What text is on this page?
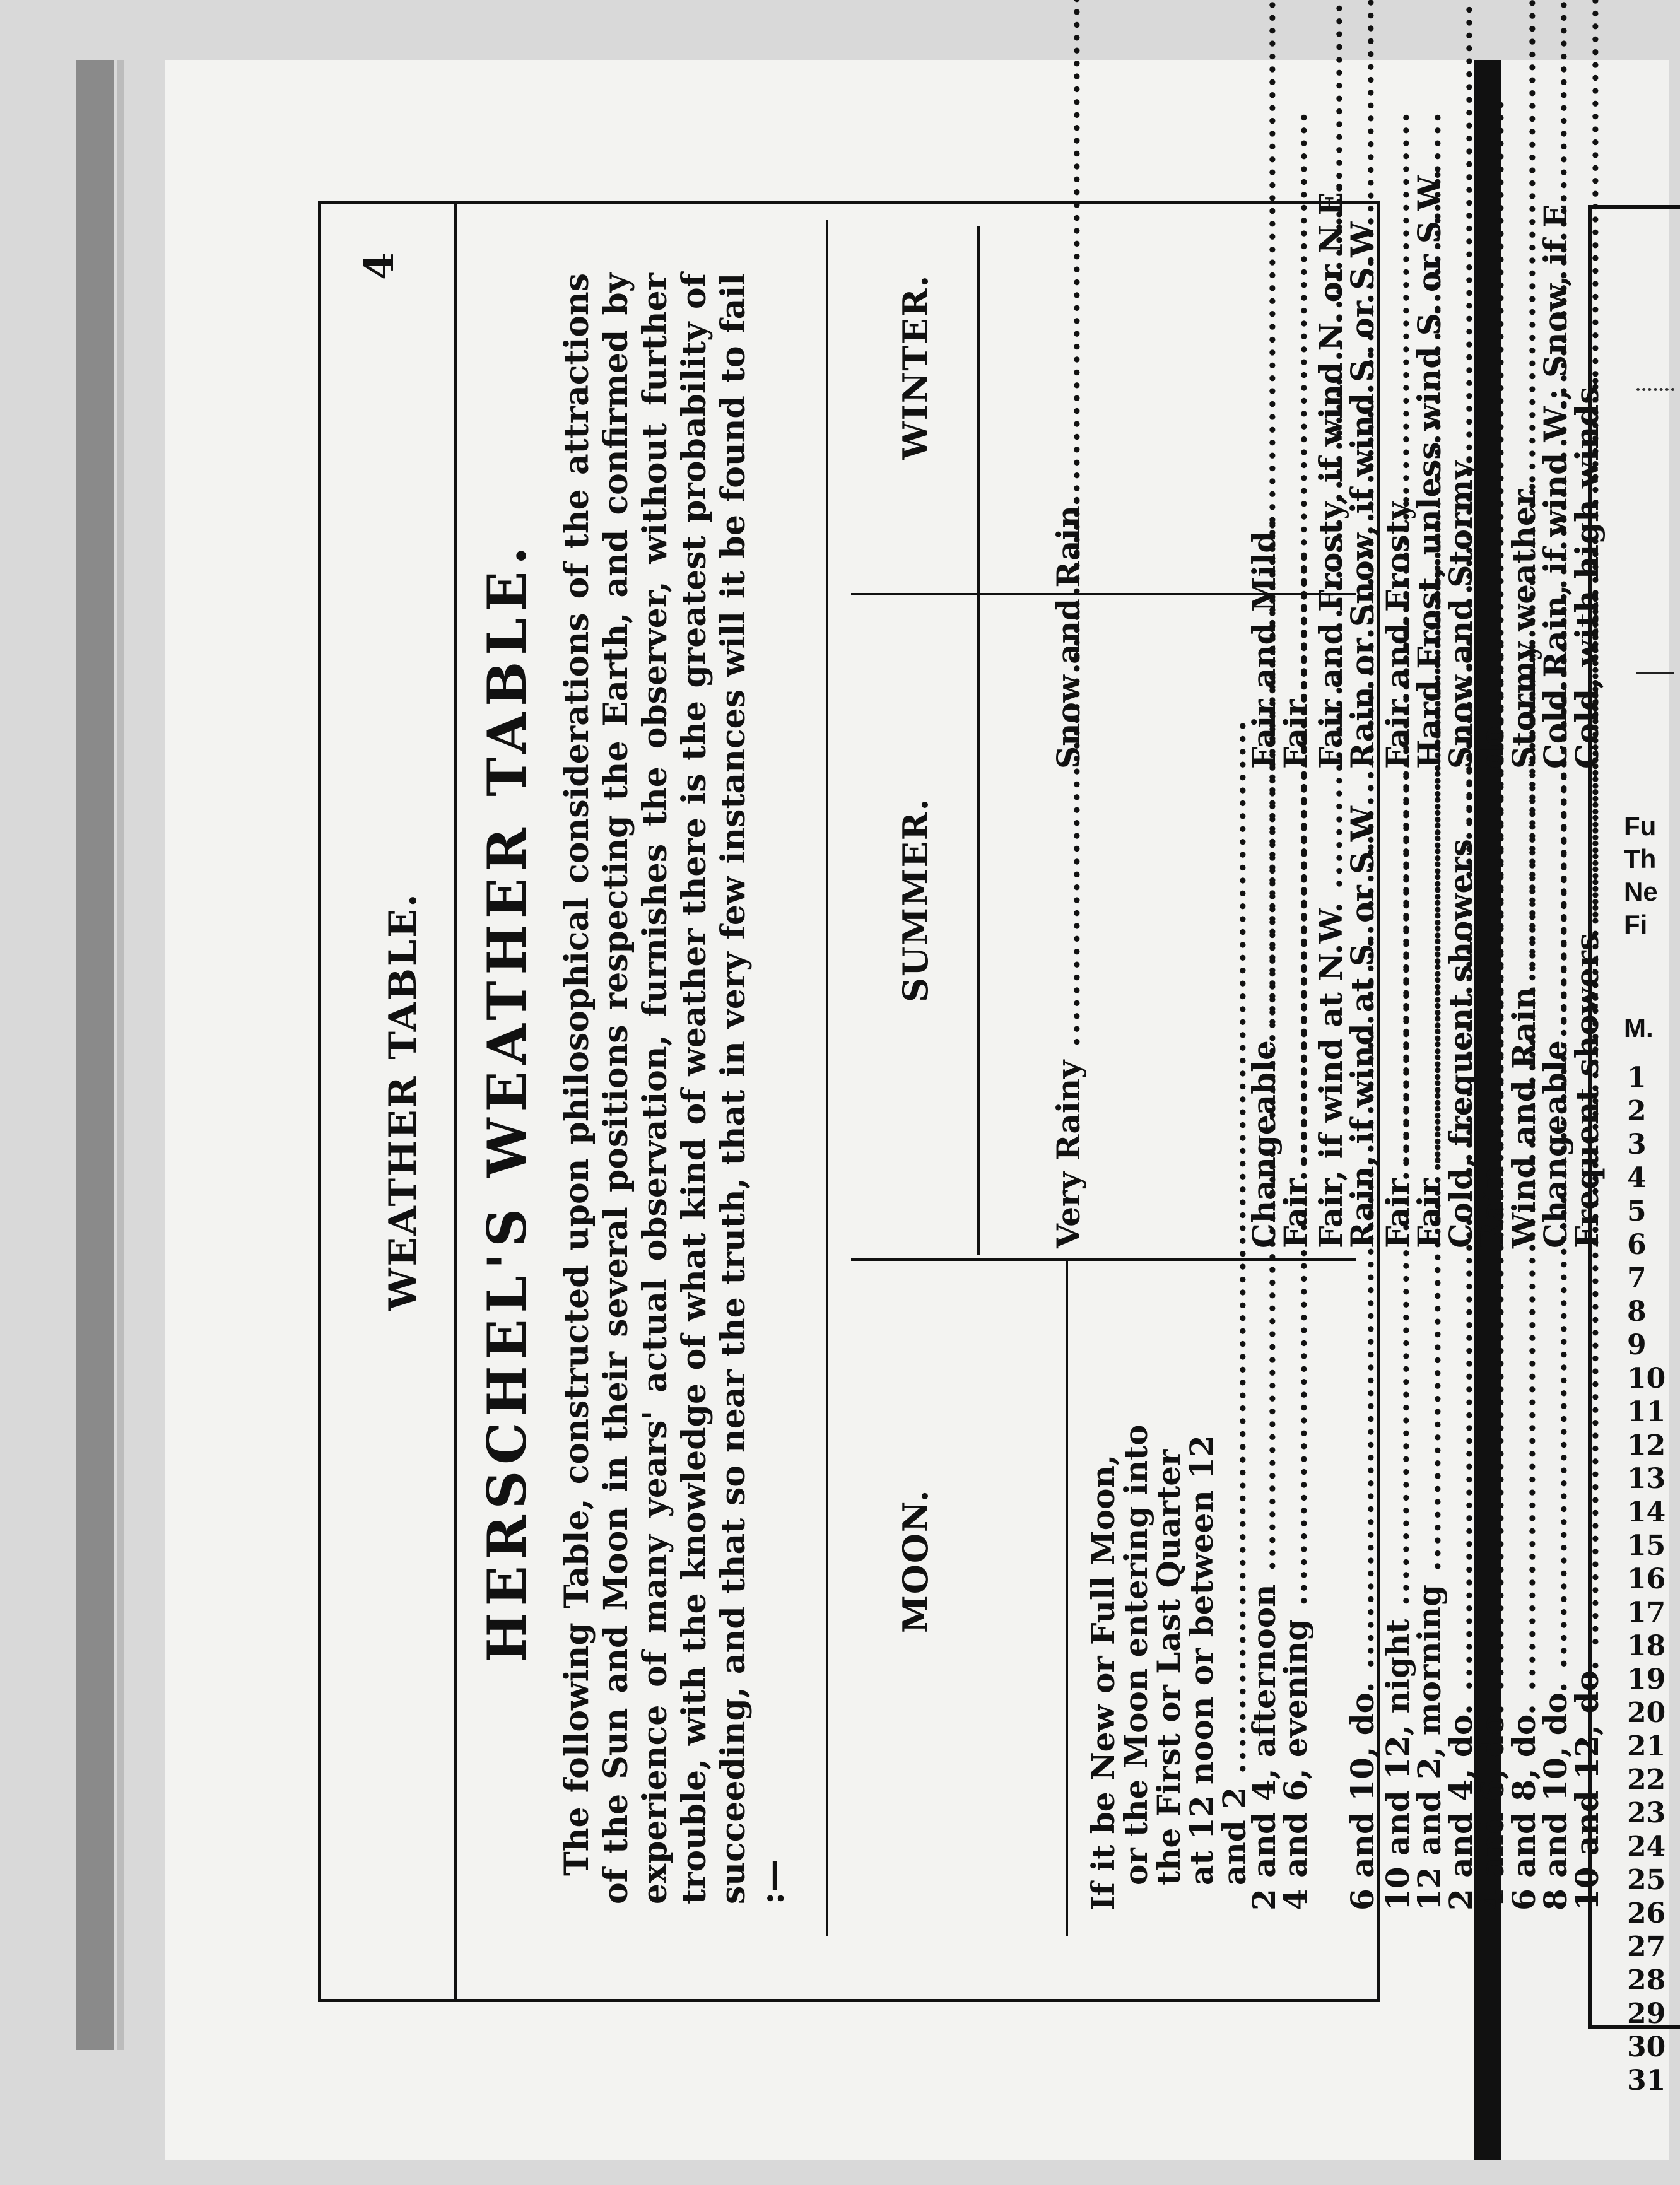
Fu
Th
Ne
Fi
M.
1
2
3
4
5
6
7
8
9
10
11
12
13
14
15
16
17
18
19
20
21
22
23
24
25
26
27
28
29
30
31
4
WEATHER TABLE. HERSCHEL'S WEATHER TABLE. The following Table, constructed upon philosophical considerations of the attractions of the Sun and Moon in their several positions respecting the Earth, and confirmed by experience of many years' actual observation, furnishes the observer, without further trouble, with the knowledge of what kind of weather there is the greatest probability of succeeding, and that so near the truth, that in very few instances will it be found to fail :—

MOON.
SUMMER.
WINTER.
If it be New or Full Moon,
or the Moon entering into
the First or Last Quarter
at 12 noon or between 12
and 2 .....
Very Rainy .....
Snow and Rain.
2 and 4, afternoon .....
Changeable .....
Fair and Mild.
4 and 6, evening .....
Fair .....
Fair.
Fair, if wind at N.W. .....
Fair and Frosty, if wind N. or N.E.
6 and 10, do. .....
Rain, if wind at S. or S.W .....
Rain or Snow, if wind S. or S.W.
10 and 12, night .....
Fair .....
Fair and Frosty.
12 and 2, morning .....
Fair .....
Hard Frost, unless wind S. or S.W.
2 and 4, do. .....
Cold, frequent showers .....
Snow and Stormy.
4 and 6, do. .....
Rain .....
do.
6 and 8, do. .....
Wind and Rain .....
Stormy weather.
8 and 10, do. .....
Changeable .....
Cold Rain, if wind W.; Snow, if E.
10 and 12, do. .....
Frequent showers .....
Cold, with high winds.
